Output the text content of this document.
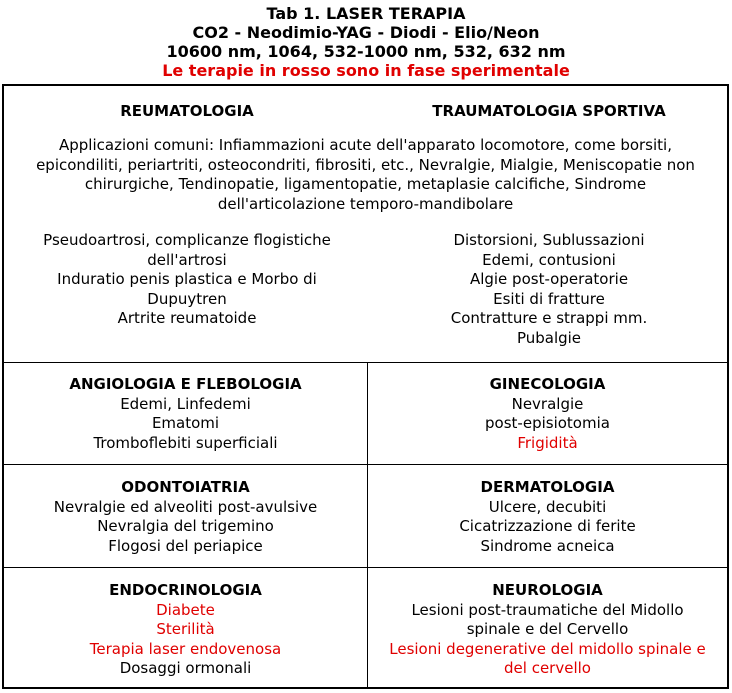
Tab 1. LASER TERAPIA
CO2 - Neodimio-YAG - Diodi - Elio/Neon
10600 nm, 1064, 532-1000 nm, 532, 632 nm
Le terapie in rosso sono in fase sperimentale
REUMATOLOGIA	TRAUMATOLOGIA SPORTIVA
Applicazioni comuni: Infiammazioni acute dell'apparato locomotore, come borsiti,
epicondiliti, periartriti, osteocondriti, fibrositi, etc., Nevralgie, Mialgie, Meniscopatie non
chirurgiche, Tendinopatie, ligamentopatie, metaplasie calcifiche, Sindrome
dell'articolazione temporo-mandibolare
Pseudoartrosi, complicanze flogistiche
dell'artrosi
Induratio penis plastica e Morbo di
Dupuytren
Artrite reumatoide
Distorsioni, Sublussazioni
Edemi, contusioni
Algie post-operatorie
Esiti di fratture
Contratture e strappi mm.
Pubalgie
ANGIOLOGIA E FLEBOLOGIA
Edemi, Linfedemi
Ematomi
Tromboflebiti superficiali
GINECOLOGIA
Nevralgie
post-episiotomia
Frigidità
ODONTOIATRIA
Nevralgie ed alveoliti post-avulsive
Nevralgia del trigemino
Flogosi del periapice
DERMATOLOGIA
Ulcere, decubiti
Cicatrizzazione di ferite
Sindrome acneica
ENDOCRINOLOGIA
Diabete
Sterilità
Terapia laser endovenosa
Dosaggi ormonali
NEUROLOGIA
Lesioni post-traumatiche del Midollo
spinale e del Cervello
Lesioni degenerative del midollo spinale e
del cervello
